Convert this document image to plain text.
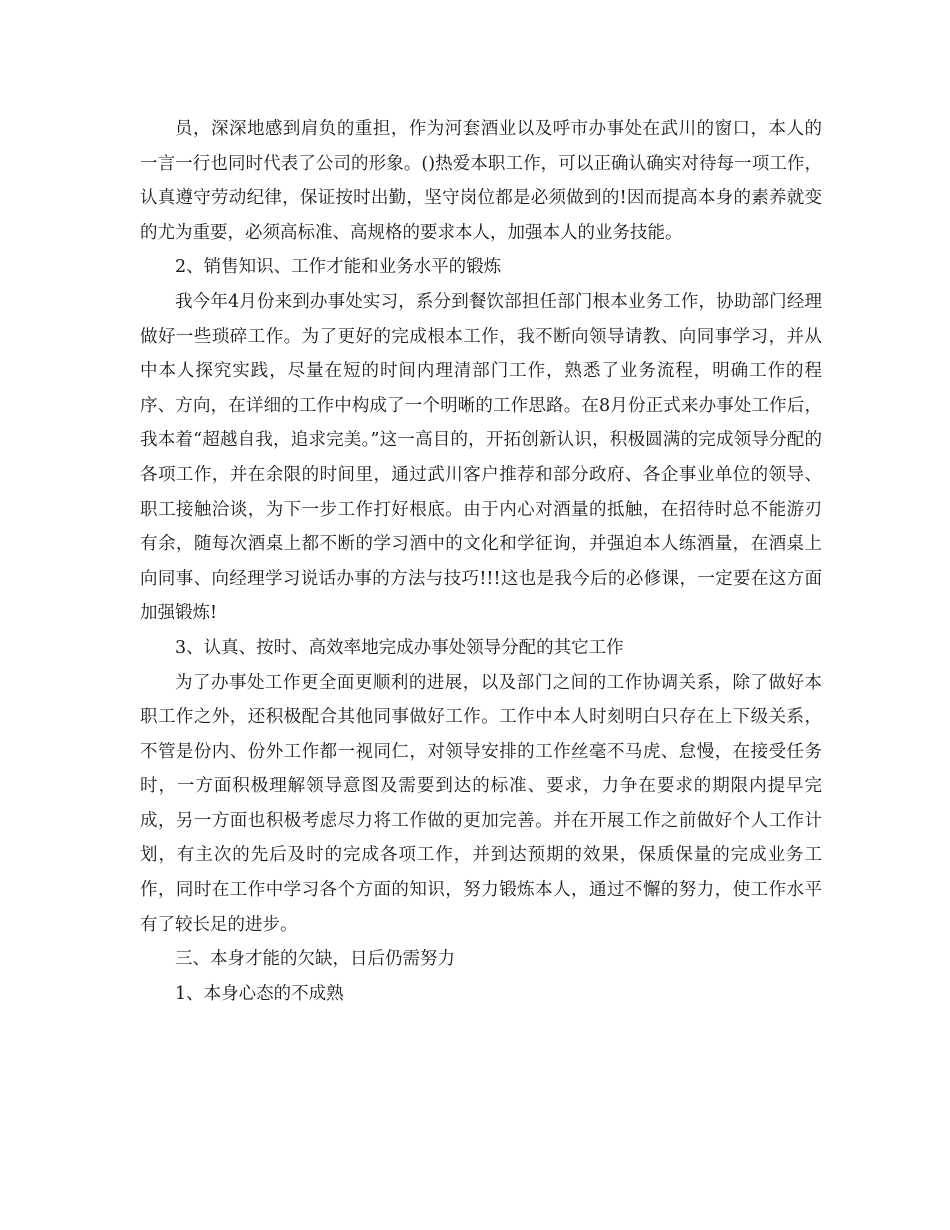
员，深深地感到肩负的重担，作为河套酒业以及呼市办事处在武川的窗口，本人的一言一行也同时代表了公司的形象。()热爱本职工作，可以正确认确实对待每一项工作，认真遵守劳动纪律，保证按时出勤，坚守岗位都是必须做到的!因而提高本身的素养就变的尤为重要，必须高标准、高规格的要求本人，加强本人的业务技能。

2、销售知识、工作才能和业务水平的锻炼

我今年4月份来到办事处实习，系分到餐饮部担任部门根本业务工作，协助部门经理做好一些琐碎工作。为了更好的完成根本工作，我不断向领导请教、向同事学习，并从中本人探究实践，尽量在短的时间内理清部门工作，熟悉了业务流程，明确工作的程序、方向，在详细的工作中构成了一个明晰的工作思路。在8月份正式来办事处工作后，我本着“超越自我，追求完美。”这一高目的，开拓创新认识，积极圆满的完成领导分配的各项工作，并在余限的时间里，通过武川客户推荐和部分政府、各企事业单位的领导、职工接触洽谈，为下一步工作打好根底。由于内心对酒量的抵触，在招待时总不能游刃有余，随每次酒桌上都不断的学习酒中的文化和学征询，并强迫本人练酒量，在酒桌上向同事、向经理学习说话办事的方法与技巧!!!这也是我今后的必修课，一定要在这方面加强锻炼!

3、认真、按时、高效率地完成办事处领导分配的其它工作

为了办事处工作更全面更顺利的进展，以及部门之间的工作协调关系，除了做好本职工作之外，还积极配合其他同事做好工作。工作中本人时刻明白只存在上下级关系，不管是份内、份外工作都一视同仁，对领导安排的工作丝毫不马虎、怠慢，在接受任务时，一方面积极理解领导意图及需要到达的标准、要求，力争在要求的期限内提早完成，另一方面也积极考虑尽力将工作做的更加完善。并在开展工作之前做好个人工作计划，有主次的先后及时的完成各项工作，并到达预期的效果，保质保量的完成业务工作，同时在工作中学习各个方面的知识，努力锻炼本人，通过不懈的努力，使工作水平有了较长足的进步。

三、本身才能的欠缺，日后仍需努力

1、本身心态的不成熟
